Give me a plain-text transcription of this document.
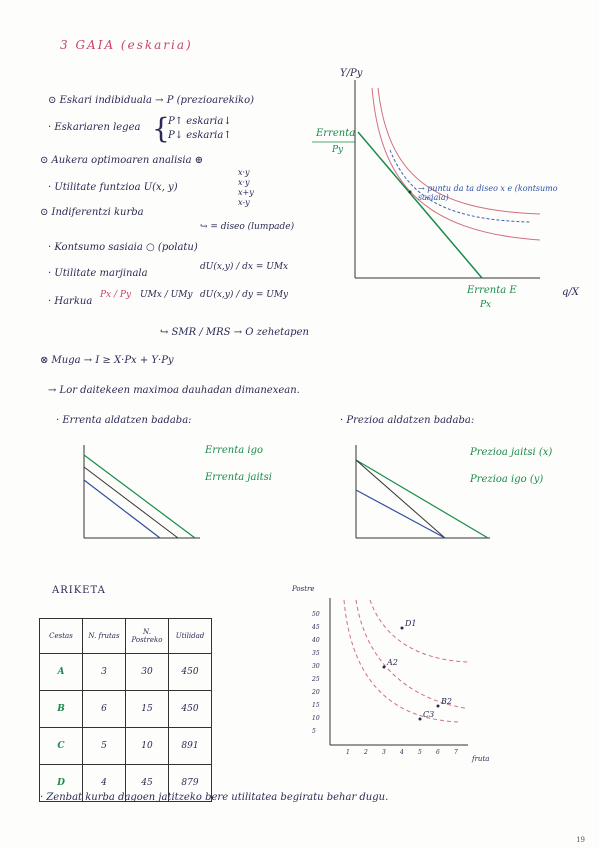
3 GAIA (eskaria)
⊙ Eskari indibiduala → P (prezioarekiko)
· Eskariaren legea {
P↑ eskaria↓
P↓ eskaria↑
⊙ Aukera optimoaren analisia ⊕
· Utilitate funtzioa U(x, y)
x·y
x·y
x+y
x-y
⊙ Indiferentzi kurba
↪ = diseo (lumpade)
· Kontsumo sasiaia ○ (polatu)
· Utilitate marjinala
dU(x,y) / dx = UMx
dU(x,y) / dy = UMy
· Harkua
Px / Py UMx / UMy
↪ SMR / MRS → O zehetapen
⊗ Muga → I ≥ X·Px + Y·Py
→ Lor daitekeen maximoa dauhadan dimanexean.
· Errenta aldatzen badaba:	· Prezioa aldatzen badaba:
Y/Py
q/X
Errenta
Py
Errenta E
Px
→ puntu da ta diseo x e (kontsumo sasiaia)
Errenta igo
Errenta jaitsi
Prezioa jaitsi (x)
Prezioa igo (y)
ARIKETA
Cestas	N. frutas	N. Postreko	Utilidad
A	3	30	450
B	6	15	450
C	5	10	891
D	4	45	879
Postre
fruta
50
45
40
35
30
25
20
15
10
5
1 2 3 4 5 6 7
A2
B2
C3
D1
· Zenbat kurba dagoen jatitzeko bere utilitatea begiratu behar dugu.
19
